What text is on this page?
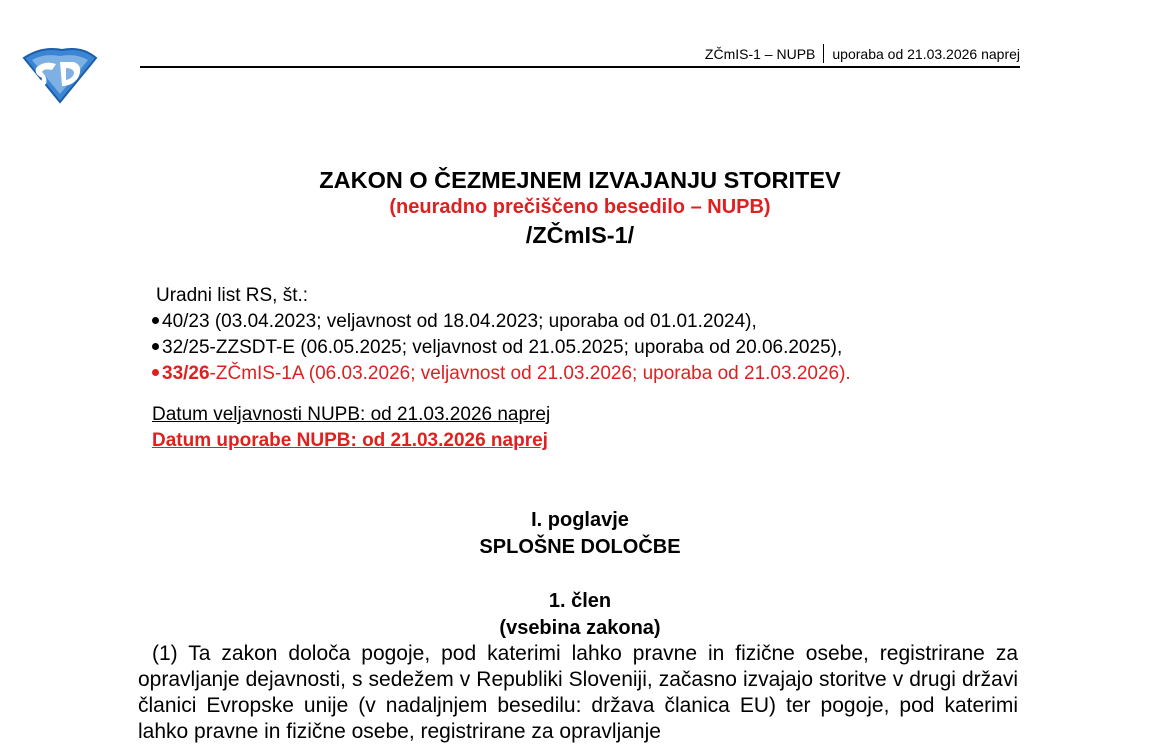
ZČmIS-1 – NUPB uporaba od 21.03.2026 naprej
ZAKON O ČEZMEJNEM IZVAJANJU STORITEV
(neuradno prečiščeno besedilo – NUPB)
/ZČmIS-1/
Uradni list RS, št.:
40/23 (03.04.2023; veljavnost od 18.04.2023; uporaba od 01.01.2024),
32/25-ZZSDT-E (06.05.2025; veljavnost od 21.05.2025; uporaba od 20.06.2025),
33/26-ZČmIS-1A (06.03.2026; veljavnost od 21.03.2026; uporaba od 21.03.2026).
Datum veljavnosti NUPB: od 21.03.2026 naprej
Datum uporabe NUPB: od 21.03.2026 naprej
I. poglavje
SPLOŠNE DOLOČBE
1. člen
(vsebina zakona)
(1) Ta zakon določa pogoje, pod katerimi lahko pravne in fizične osebe, registrirane za opravljanje dejavnosti, s sedežem v Republiki Sloveniji, začasno izvajajo storitve v drugi državi članici Evropske unije (v nadaljnjem besedilu: država članica EU) ter pogoje, pod katerimi lahko pravne in fizične osebe, registrirane za opravljanje
